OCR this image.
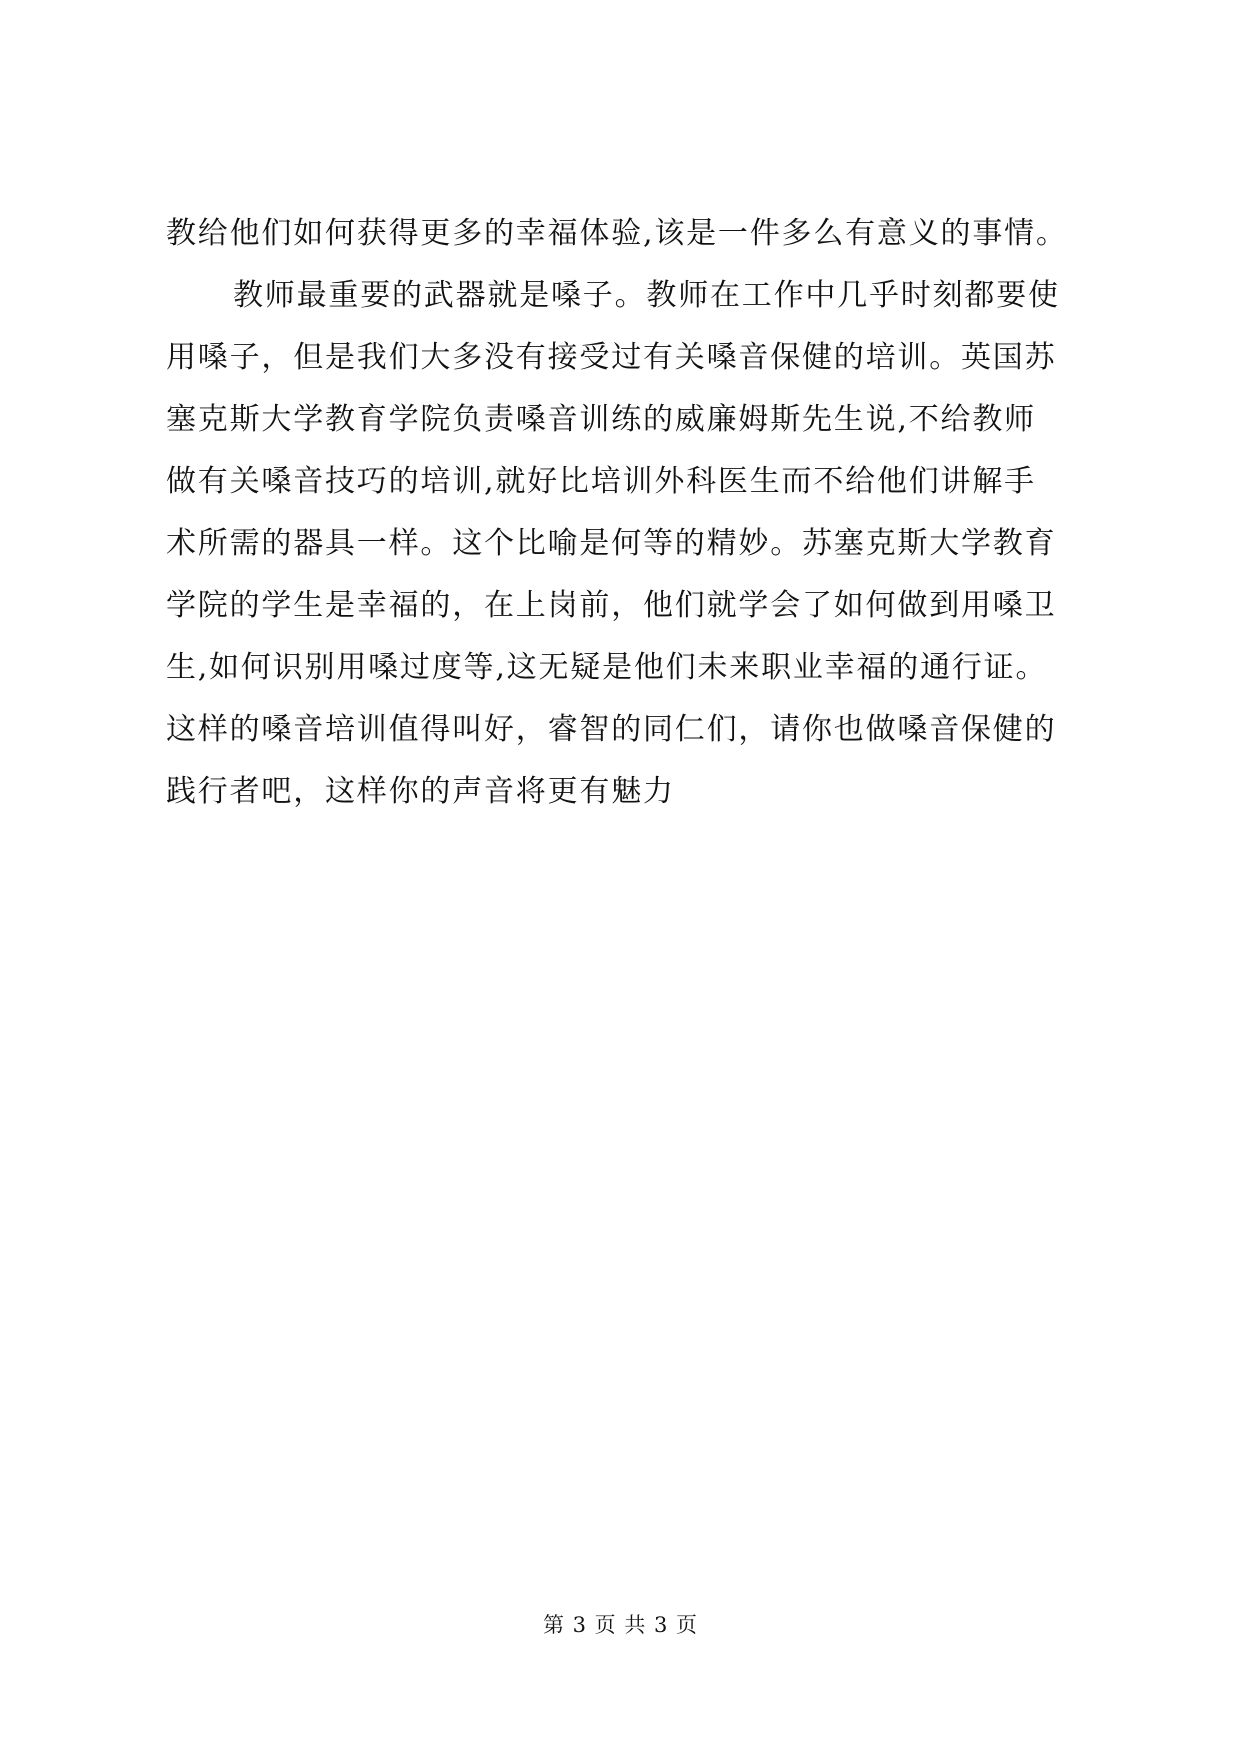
教给他们如何获得更多的幸福体验,该是一件多么有意义的事情。
教师最重要的武器就是嗓子。教师在工作中几乎时刻都要使
用嗓子，但是我们大多没有接受过有关嗓音保健的培训。英国苏
塞克斯大学教育学院负责嗓音训练的威廉姆斯先生说,不给教师
做有关嗓音技巧的培训,就好比培训外科医生而不给他们讲解手
术所需的器具一样。这个比喻是何等的精妙。苏塞克斯大学教育
学院的学生是幸福的，在上岗前，他们就学会了如何做到用嗓卫
生,如何识别用嗓过度等,这无疑是他们未来职业幸福的通行证。
这样的嗓音培训值得叫好，睿智的同仁们，请你也做嗓音保健的
践行者吧，这样你的声音将更有魅力
第 3 页 共 3 页
